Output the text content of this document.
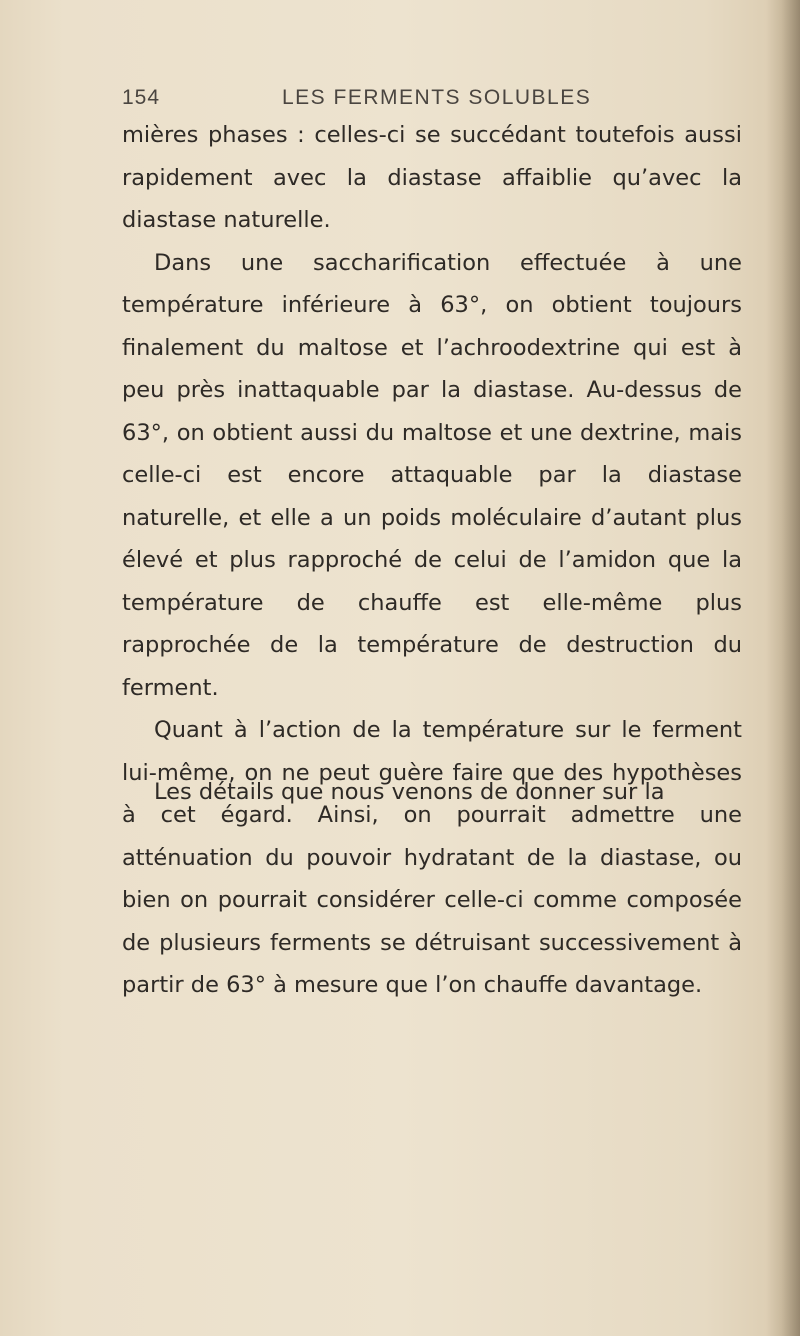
154	LES FERMENTS SOLUBLES

mières phases : celles-ci se succédant toutefois aussi rapidement avec la diastase affaiblie qu’avec la diastase naturelle.

Dans une saccharification effectuée à une température inférieure à 63°, on obtient toujours finalement du maltose et l’achroodextrine qui est à peu près inattaquable par la diastase. Au-dessus de 63°, on obtient aussi du maltose et une dextrine, mais celle-ci est encore attaquable par la diastase naturelle, et elle a un poids moléculaire d’autant plus élevé et plus rapproché de celui de l’amidon que la température de chauffe est elle-même plus rapprochée de la température de destruction du ferment.

Quant à l’action de la température sur le ferment lui-même, on ne peut guère faire que des hypothèses à cet égard. Ainsi, on pourrait admettre une atténuation du pouvoir hydratant de la diastase, ou bien on pourrait considérer celle-ci comme composée de plusieurs ferments se détruisant successivement à partir de 63° à mesure que l’on chauffe davantage.

Les détails que nous venons de donner sur la
